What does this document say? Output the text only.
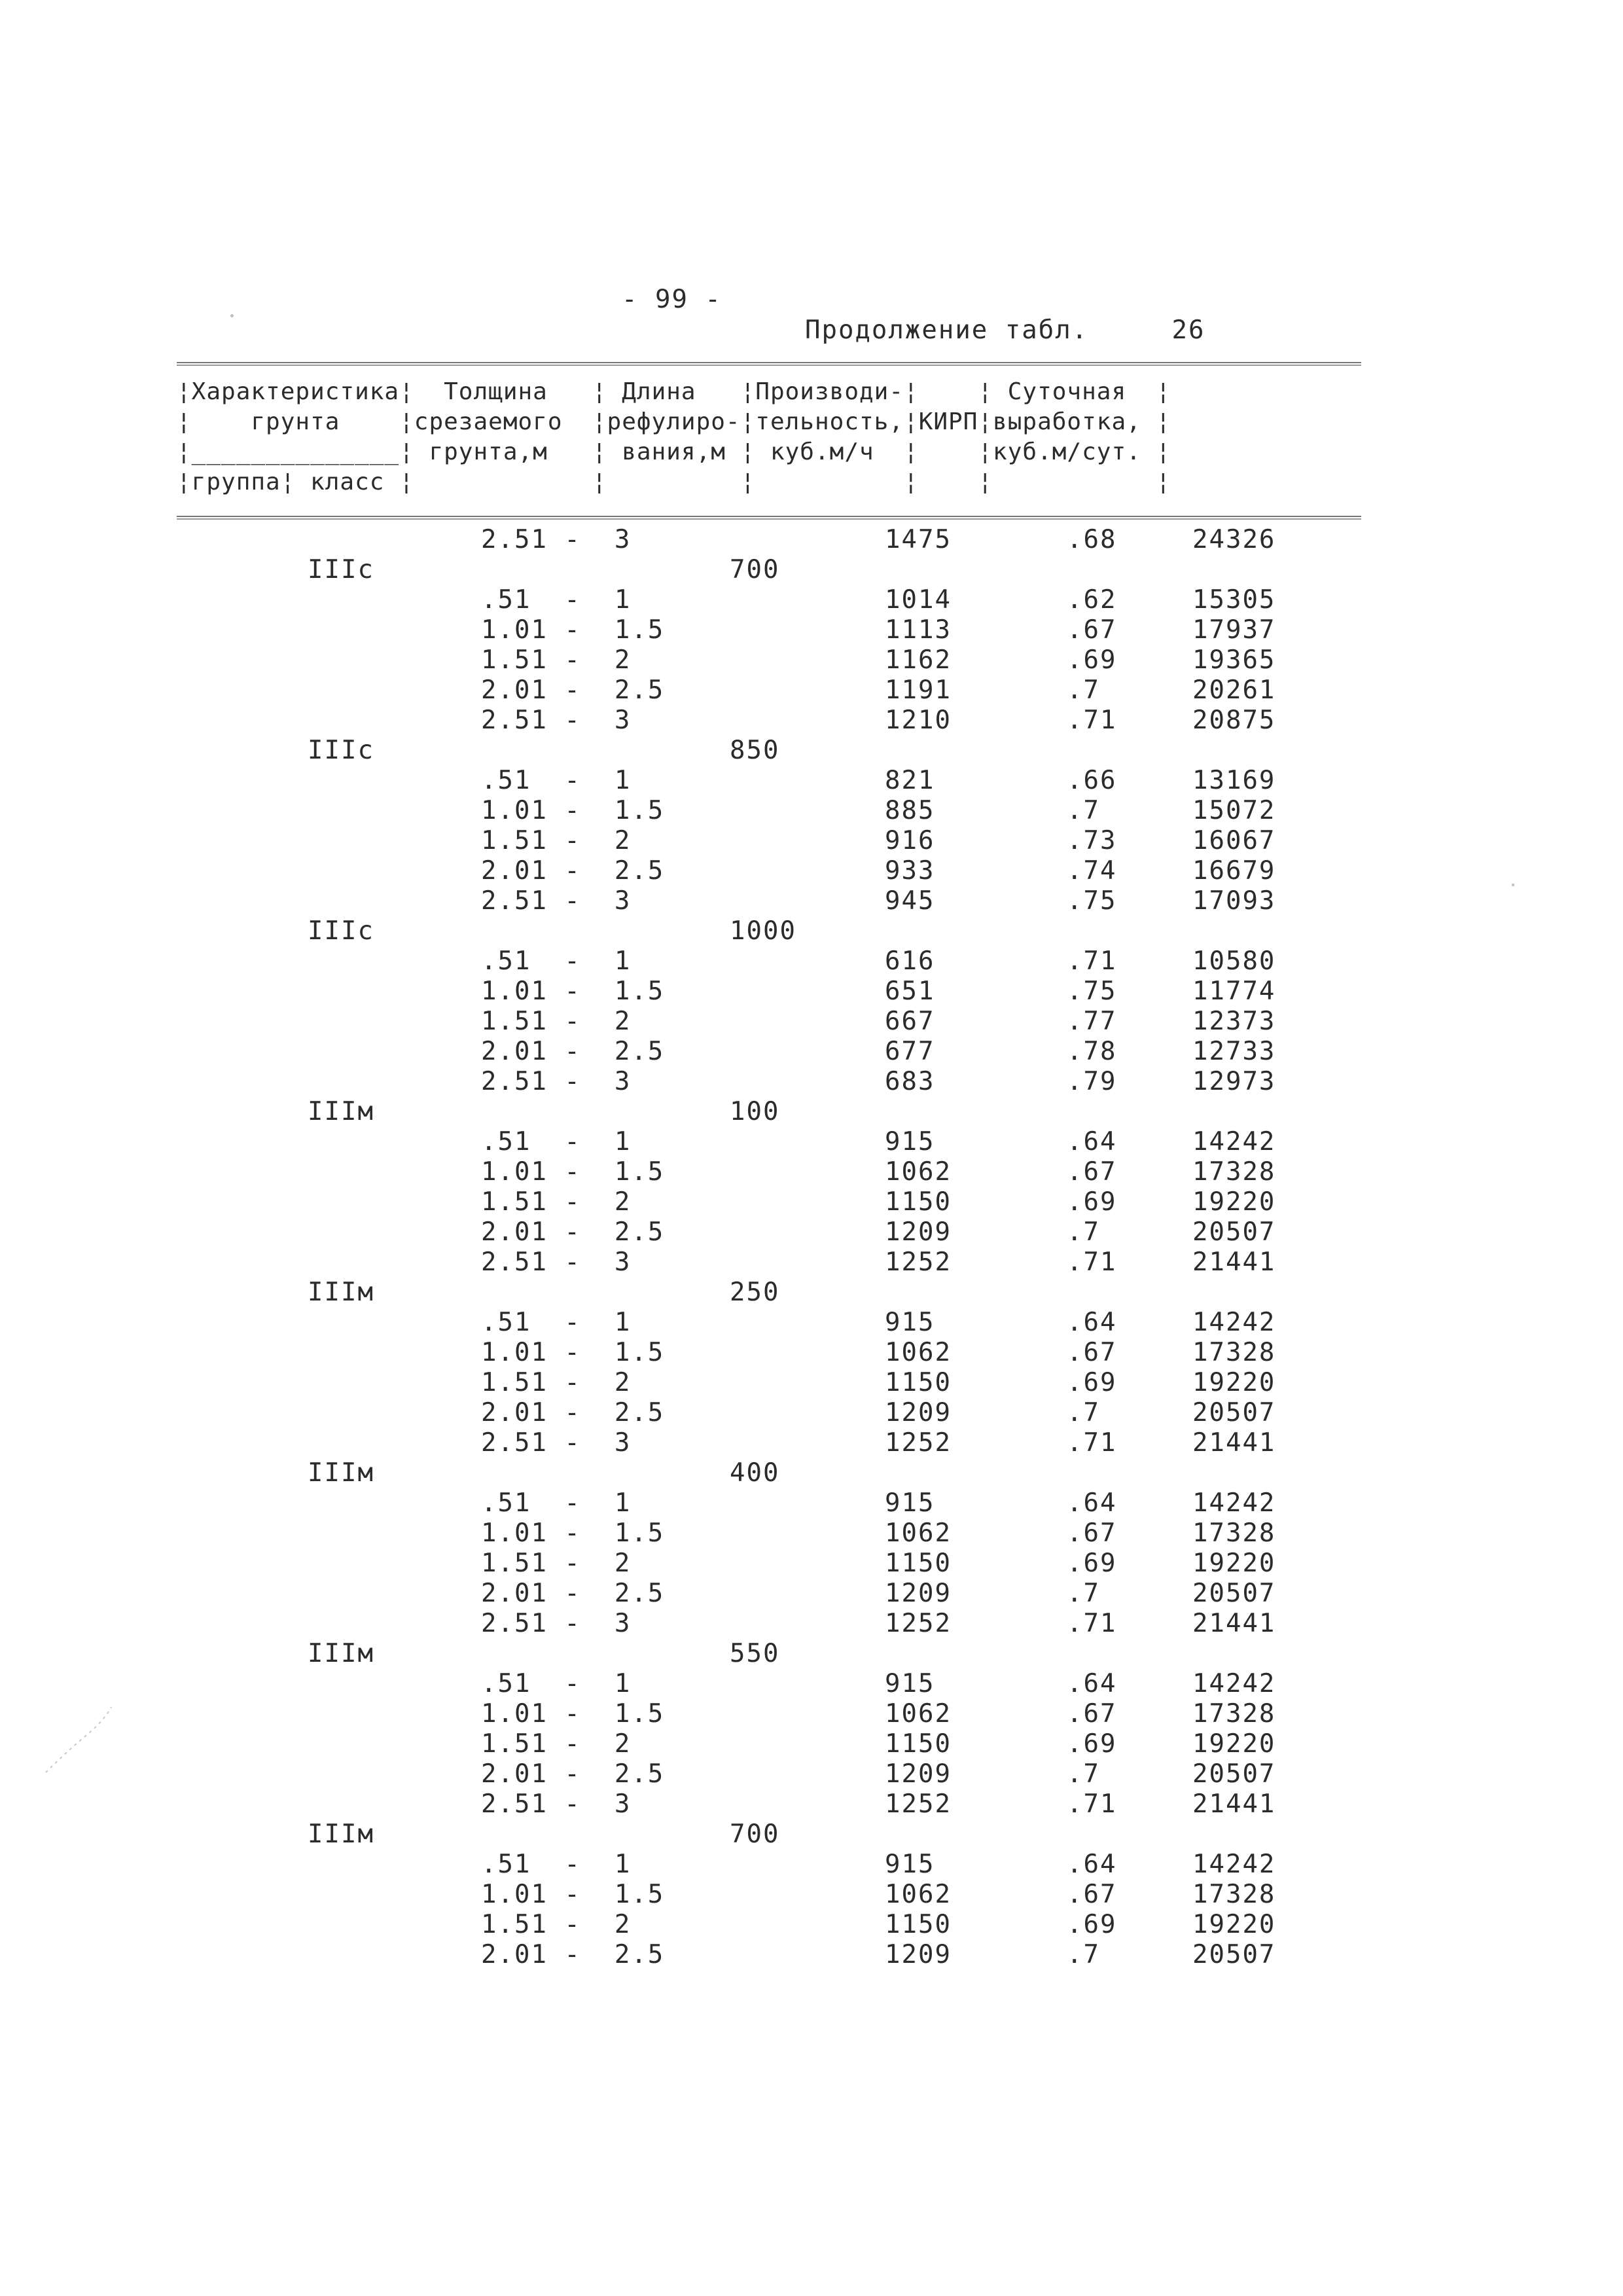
- 99 -
Продолжение табл.     26
¦Характеристика¦  Толщина   ¦ Длина   ¦Производи-¦    ¦ Суточная  ¦
¦    грунта    ¦срезаемого  ¦рефулиро-¦тельность,¦КИРП¦выработка, ¦
¦______________¦ грунта,м   ¦ вания,м ¦ куб.м/ч  ¦    ¦куб.м/сут. ¦
¦группа¦ класс ¦            ¦         ¦          ¦    ¦           ¦
2.51 -  3	1475	.68	24326
IIIc	700
.51  -  1	1014	.62	15305
1.01 -  1.5	1113	.67	17937
1.51 -  2	1162	.69	19365
2.01 -  2.5	1191	.7	20261
2.51 -  3	1210	.71	20875
IIIc	850
.51  -  1	821	.66	13169
1.01 -  1.5	885	.7	15072
1.51 -  2	916	.73	16067
2.01 -  2.5	933	.74	16679
2.51 -  3	945	.75	17093
IIIc	1000
.51  -  1	616	.71	10580
1.01 -  1.5	651	.75	11774
1.51 -  2	667	.77	12373
2.01 -  2.5	677	.78	12733
2.51 -  3	683	.79	12973
IIIм	100
.51  -  1	915	.64	14242
1.01 -  1.5	1062	.67	17328
1.51 -  2	1150	.69	19220
2.01 -  2.5	1209	.7	20507
2.51 -  3	1252	.71	21441
IIIм	250
.51  -  1	915	.64	14242
1.01 -  1.5	1062	.67	17328
1.51 -  2	1150	.69	19220
2.01 -  2.5	1209	.7	20507
2.51 -  3	1252	.71	21441
IIIм	400
.51  -  1	915	.64	14242
1.01 -  1.5	1062	.67	17328
1.51 -  2	1150	.69	19220
2.01 -  2.5	1209	.7	20507
2.51 -  3	1252	.71	21441
IIIм	550
.51  -  1	915	.64	14242
1.01 -  1.5	1062	.67	17328
1.51 -  2	1150	.69	19220
2.01 -  2.5	1209	.7	20507
2.51 -  3	1252	.71	21441
IIIм	700
.51  -  1	915	.64	14242
1.01 -  1.5	1062	.67	17328
1.51 -  2	1150	.69	19220
2.01 -  2.5	1209	.7	20507
